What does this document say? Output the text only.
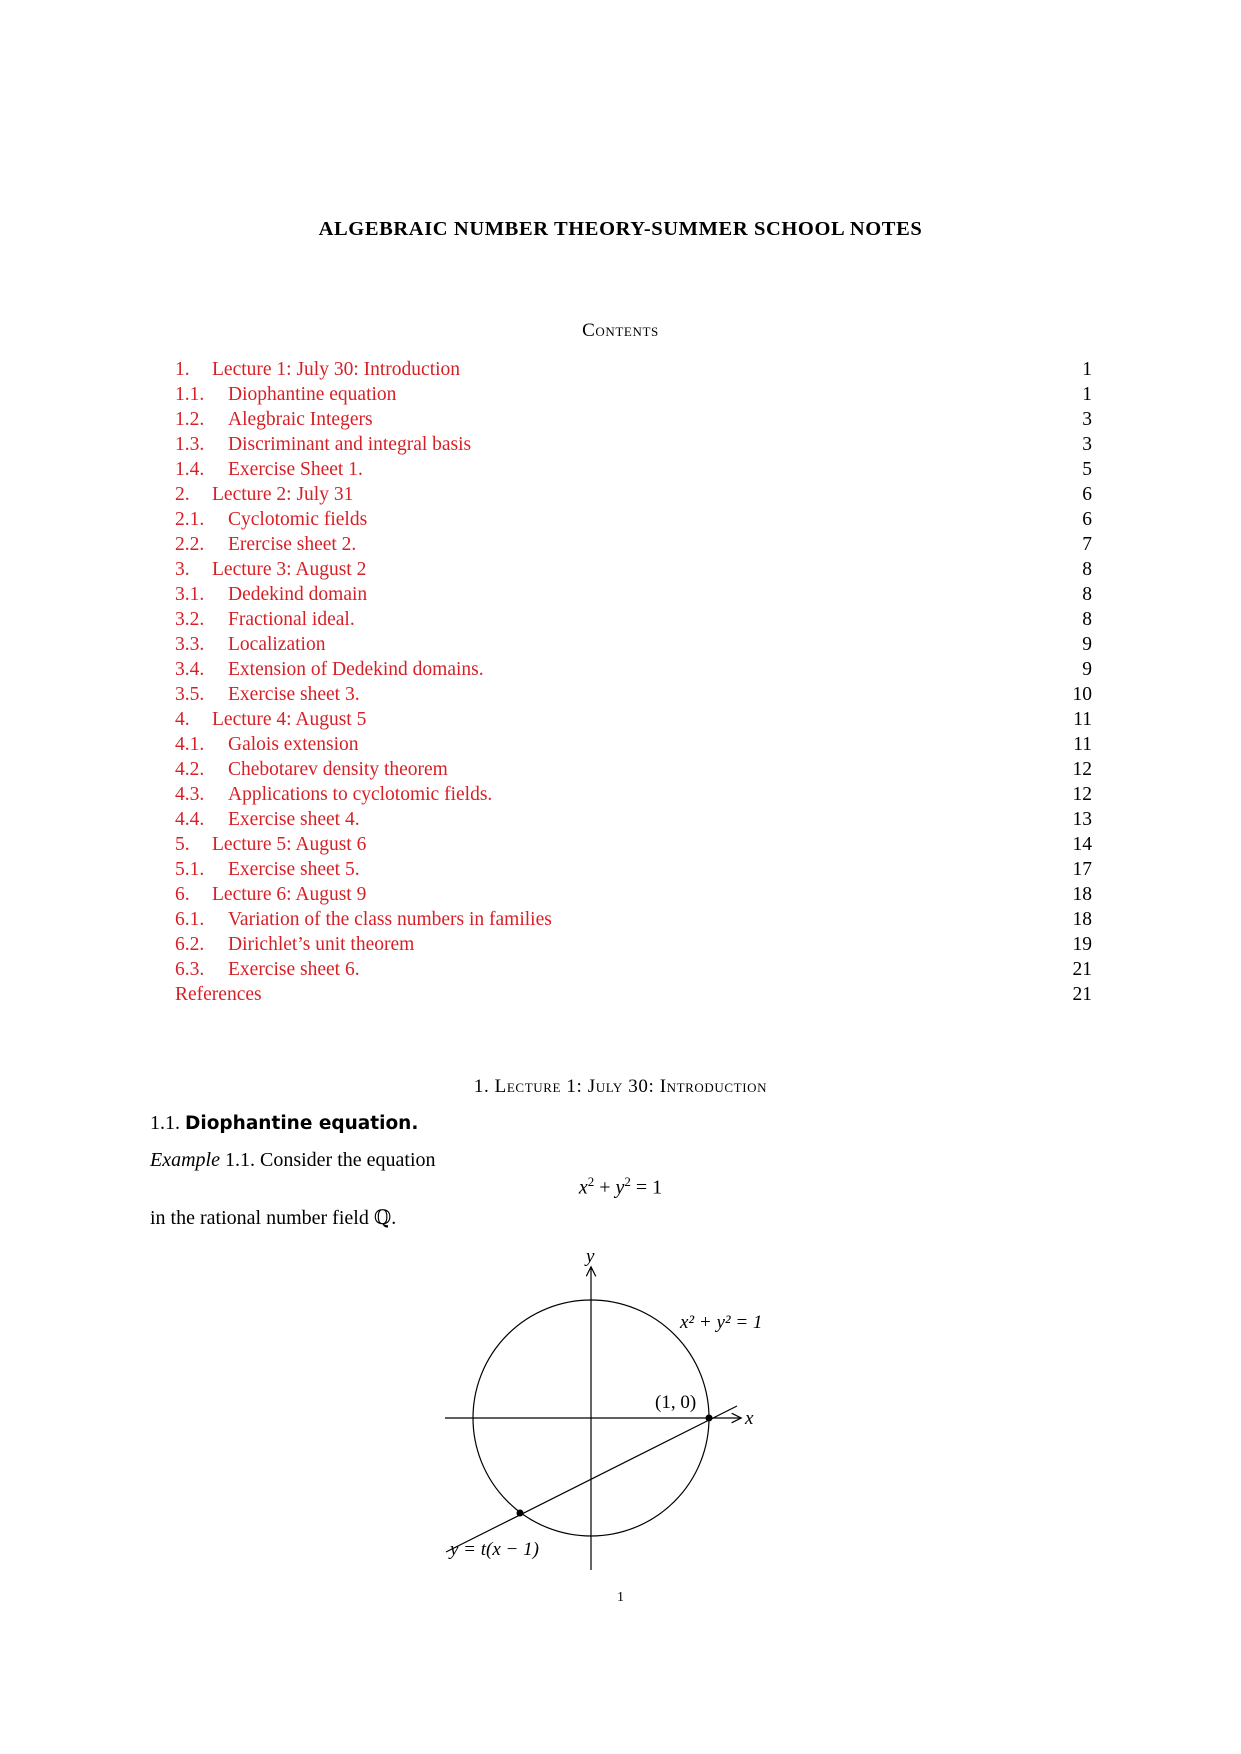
ALGEBRAIC NUMBER THEORY-SUMMER SCHOOL NOTES
Contents
1. Lecture 1: July 30: Introduction	1
1.1. Diophantine equation	1
1.2. Alegbraic Integers	3
1.3. Discriminant and integral basis	3
1.4. Exercise Sheet 1.	5
2. Lecture 2: July 31	6
2.1. Cyclotomic fields	6
2.2. Erercise sheet 2.	7
3. Lecture 3: August 2	8
3.1. Dedekind domain	8
3.2. Fractional ideal.	8
3.3. Localization	9
3.4. Extension of Dedekind domains.	9
3.5. Exercise sheet 3.	10
4. Lecture 4: August 5	11
4.1. Galois extension	11
4.2. Chebotarev density theorem	12
4.3. Applications to cyclotomic fields.	12
4.4. Exercise sheet 4.	13
5. Lecture 5: August 6	14
5.1. Exercise sheet 5.	17
6. Lecture 6: August 9	18
6.1. Variation of the class numbers in families	18
6.2. Dirichlet’s unit theorem	19
6.3. Exercise sheet 6.	21
References	21
1. Lecture 1: July 30: Introduction
1.1. Diophantine equation.
Example 1.1. Consider the equation
$x^2 + y^2 = 1$
in the rational number field ℚ.
y
x
x² + y² = 1
(1, 0)
y = t(x − 1)
1
